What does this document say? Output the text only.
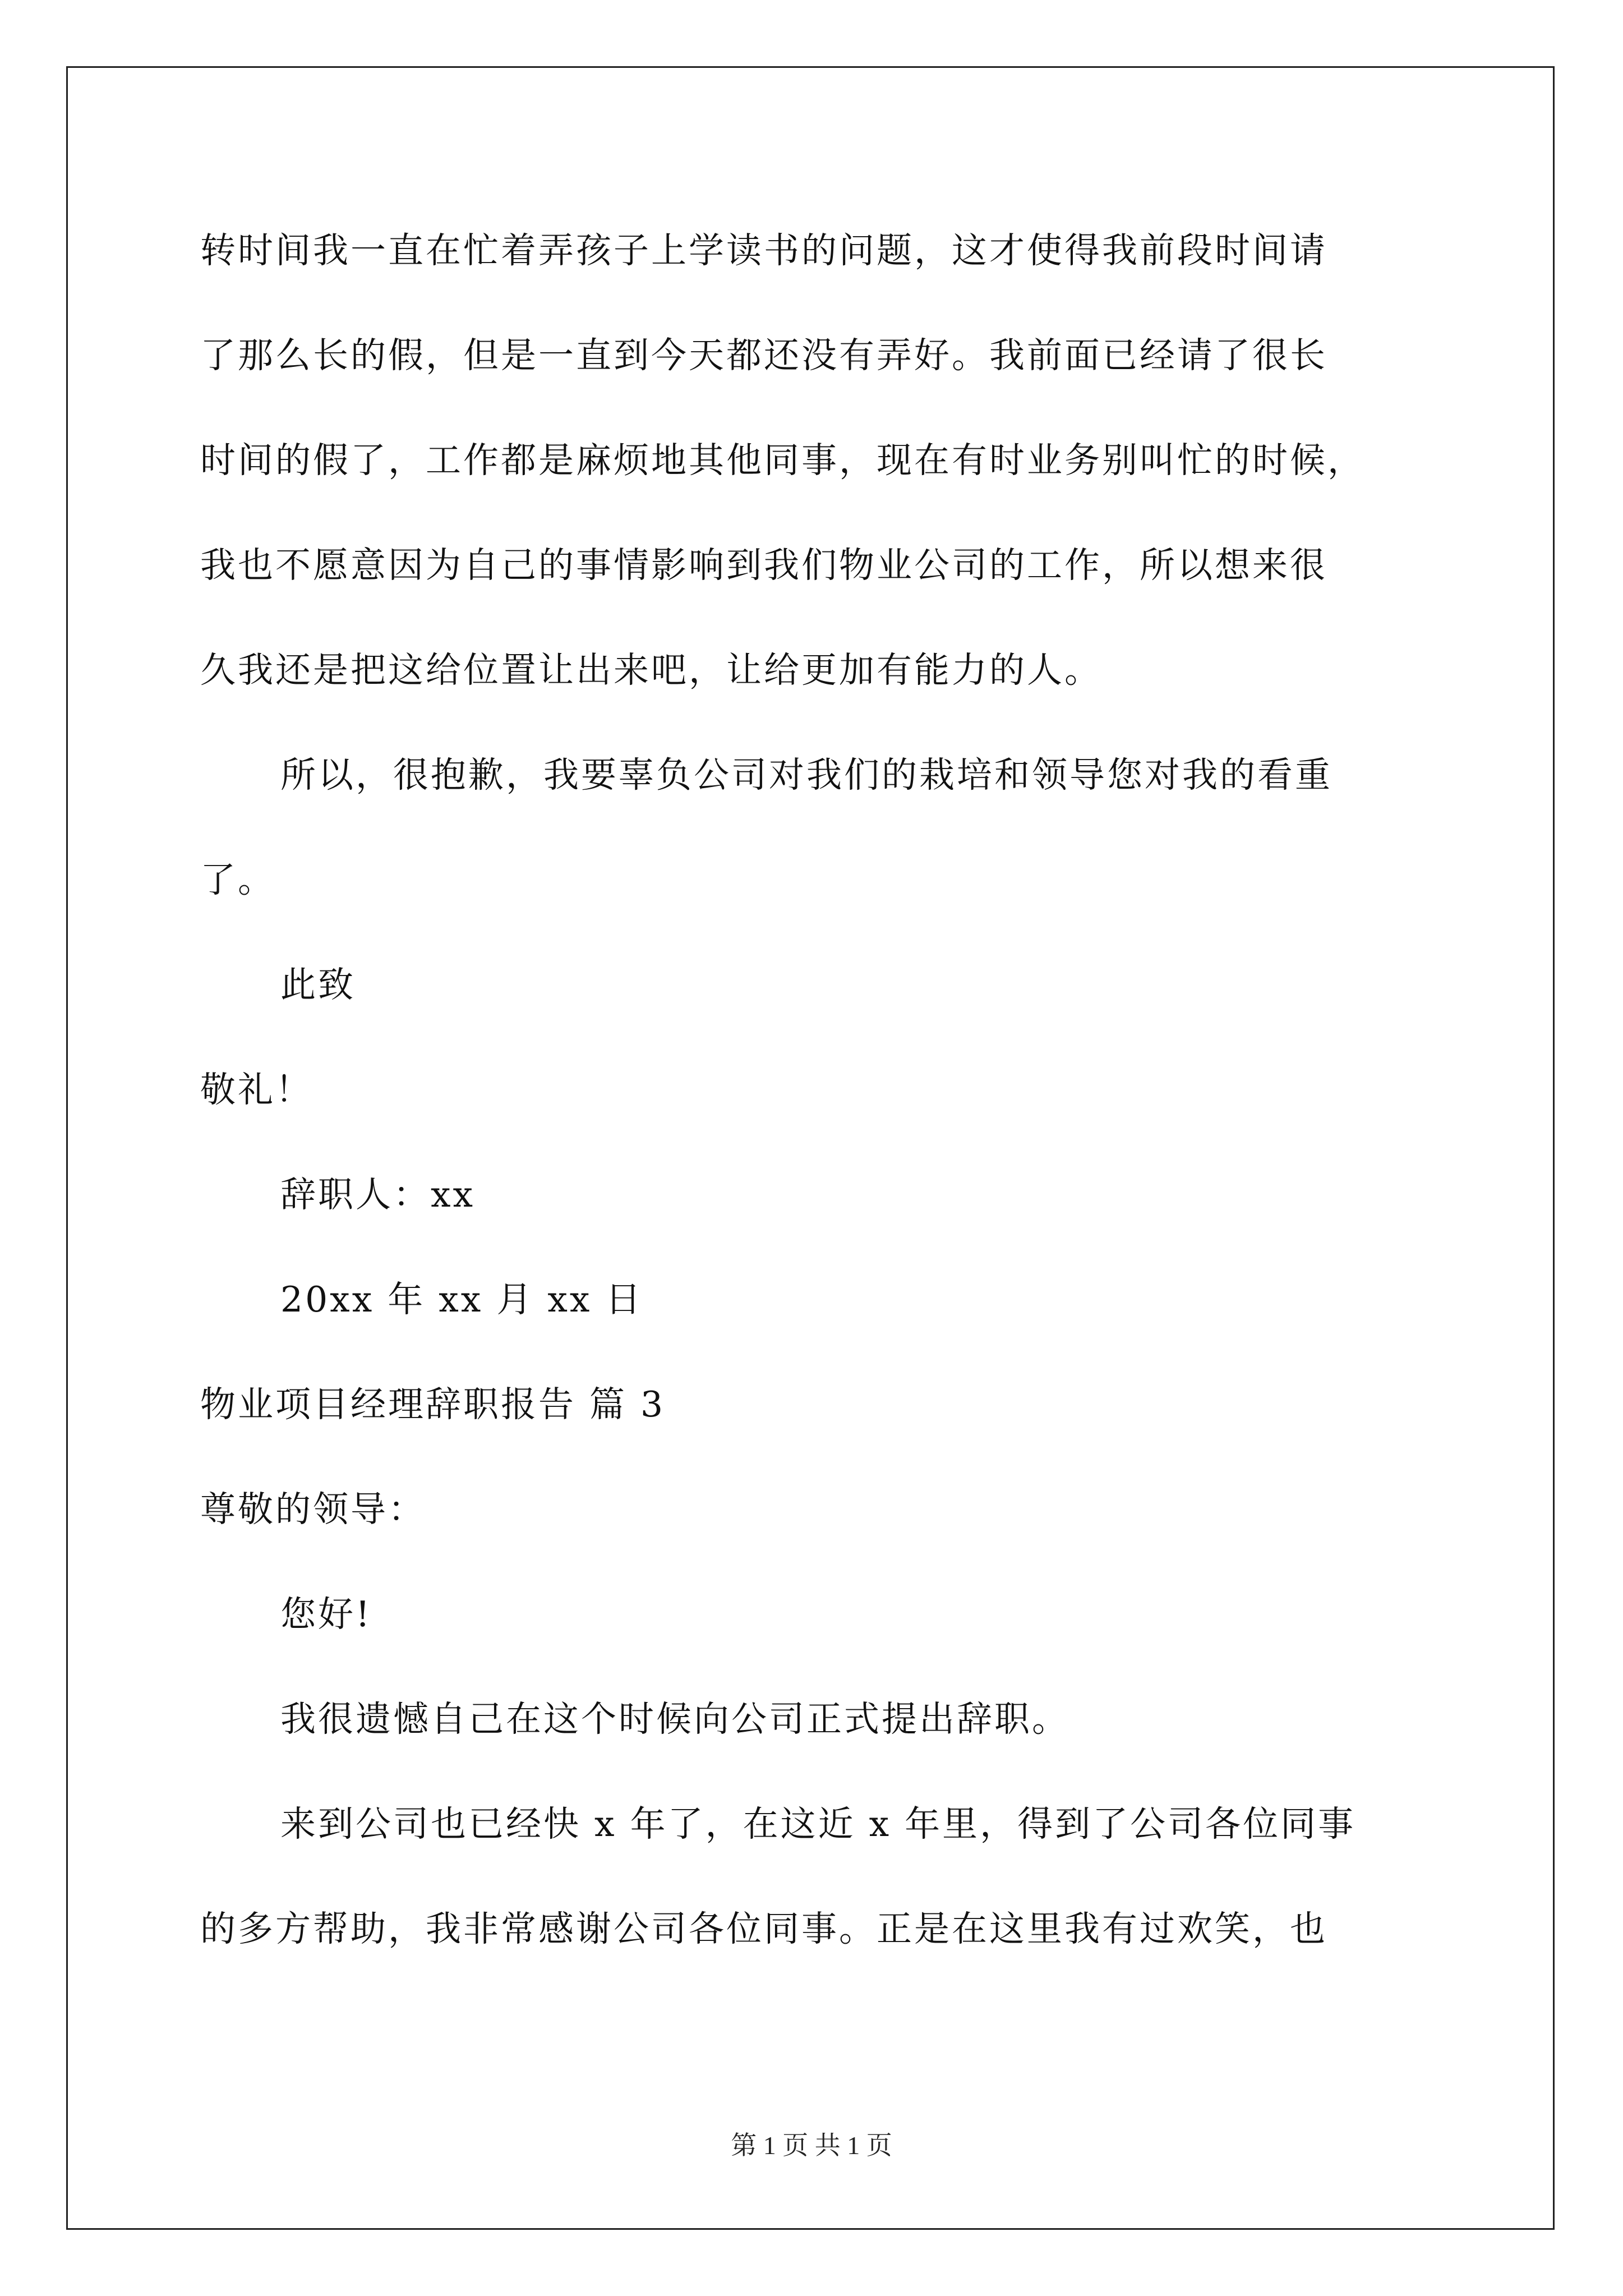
转时间我一直在忙着弄孩子上学读书的问题，这才使得我前段时间请
了那么长的假，但是一直到今天都还没有弄好。我前面已经请了很长
时间的假了，工作都是麻烦地其他同事，现在有时业务别叫忙的时候，
我也不愿意因为自己的事情影响到我们物业公司的工作，所以想来很
久我还是把这给位置让出来吧，让给更加有能力的人。
所以，很抱歉，我要辜负公司对我们的栽培和领导您对我的看重
了。
此致
敬礼！
辞职人：xx
20xx 年 xx 月 xx 日
物业项目经理辞职报告 篇 3
尊敬的领导：
您好!
我很遗憾自己在这个时候向公司正式提出辞职。
来到公司也已经快 x 年了，在这近 x 年里，得到了公司各位同事
的多方帮助，我非常感谢公司各位同事。正是在这里我有过欢笑，也
第 1 页 共 1 页
